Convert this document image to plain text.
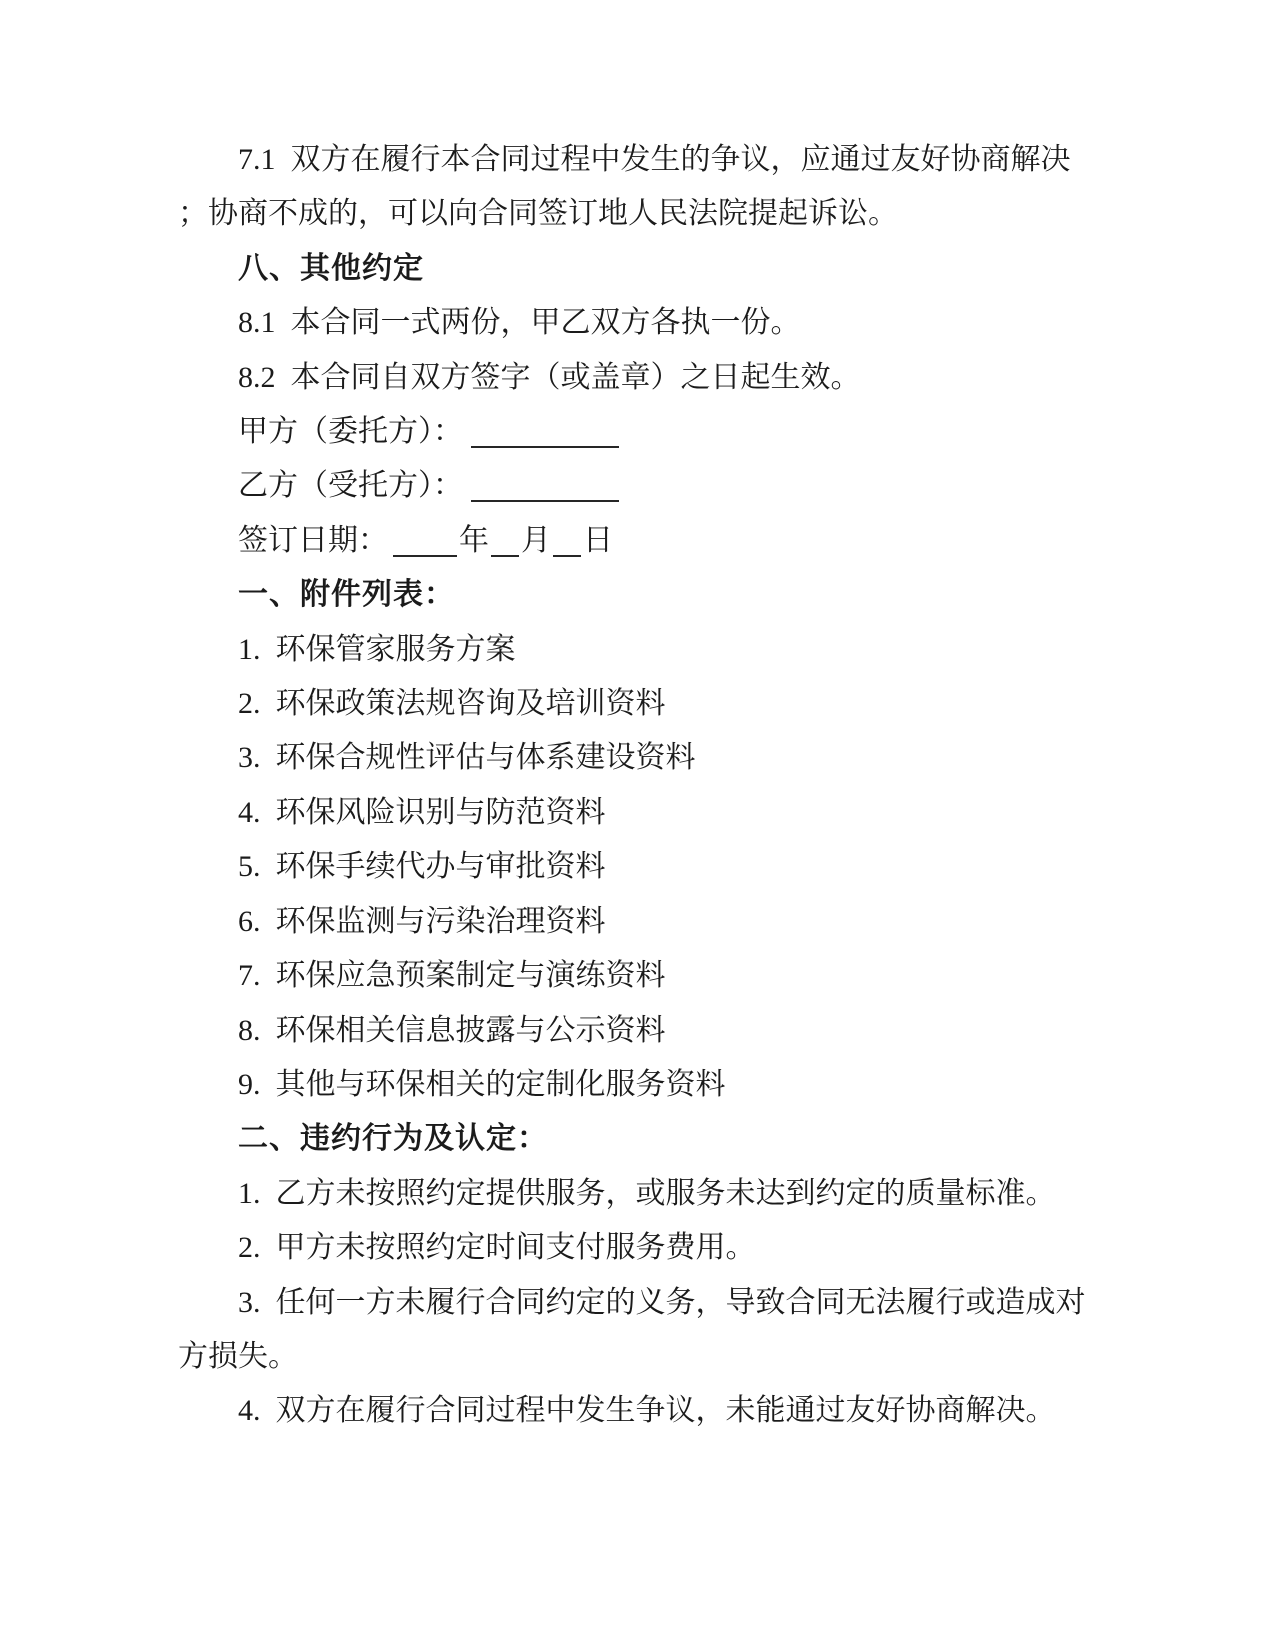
7.1  双方在履行本合同过程中发生的争议，应通过友好协商解决
；协商不成的，可以向合同签订地人民法院提起诉讼。
八、其他约定
8.1  本合同一式两份，甲乙双方各执一份。
8.2  本合同自双方签字（或盖章）之日起生效。
甲方（委托方）：
乙方（受托方）：
签订日期： 年 月 日
一、附件列表：
1.  环保管家服务方案
2.  环保政策法规咨询及培训资料
3.  环保合规性评估与体系建设资料
4.  环保风险识别与防范资料
5.  环保手续代办与审批资料
6.  环保监测与污染治理资料
7.  环保应急预案制定与演练资料
8.  环保相关信息披露与公示资料
9.  其他与环保相关的定制化服务资料
二、违约行为及认定：
1.  乙方未按照约定提供服务，或服务未达到约定的质量标准。
2.  甲方未按照约定时间支付服务费用。
3.  任何一方未履行合同约定的义务，导致合同无法履行或造成对
方损失。
4.  双方在履行合同过程中发生争议，未能通过友好协商解决。
